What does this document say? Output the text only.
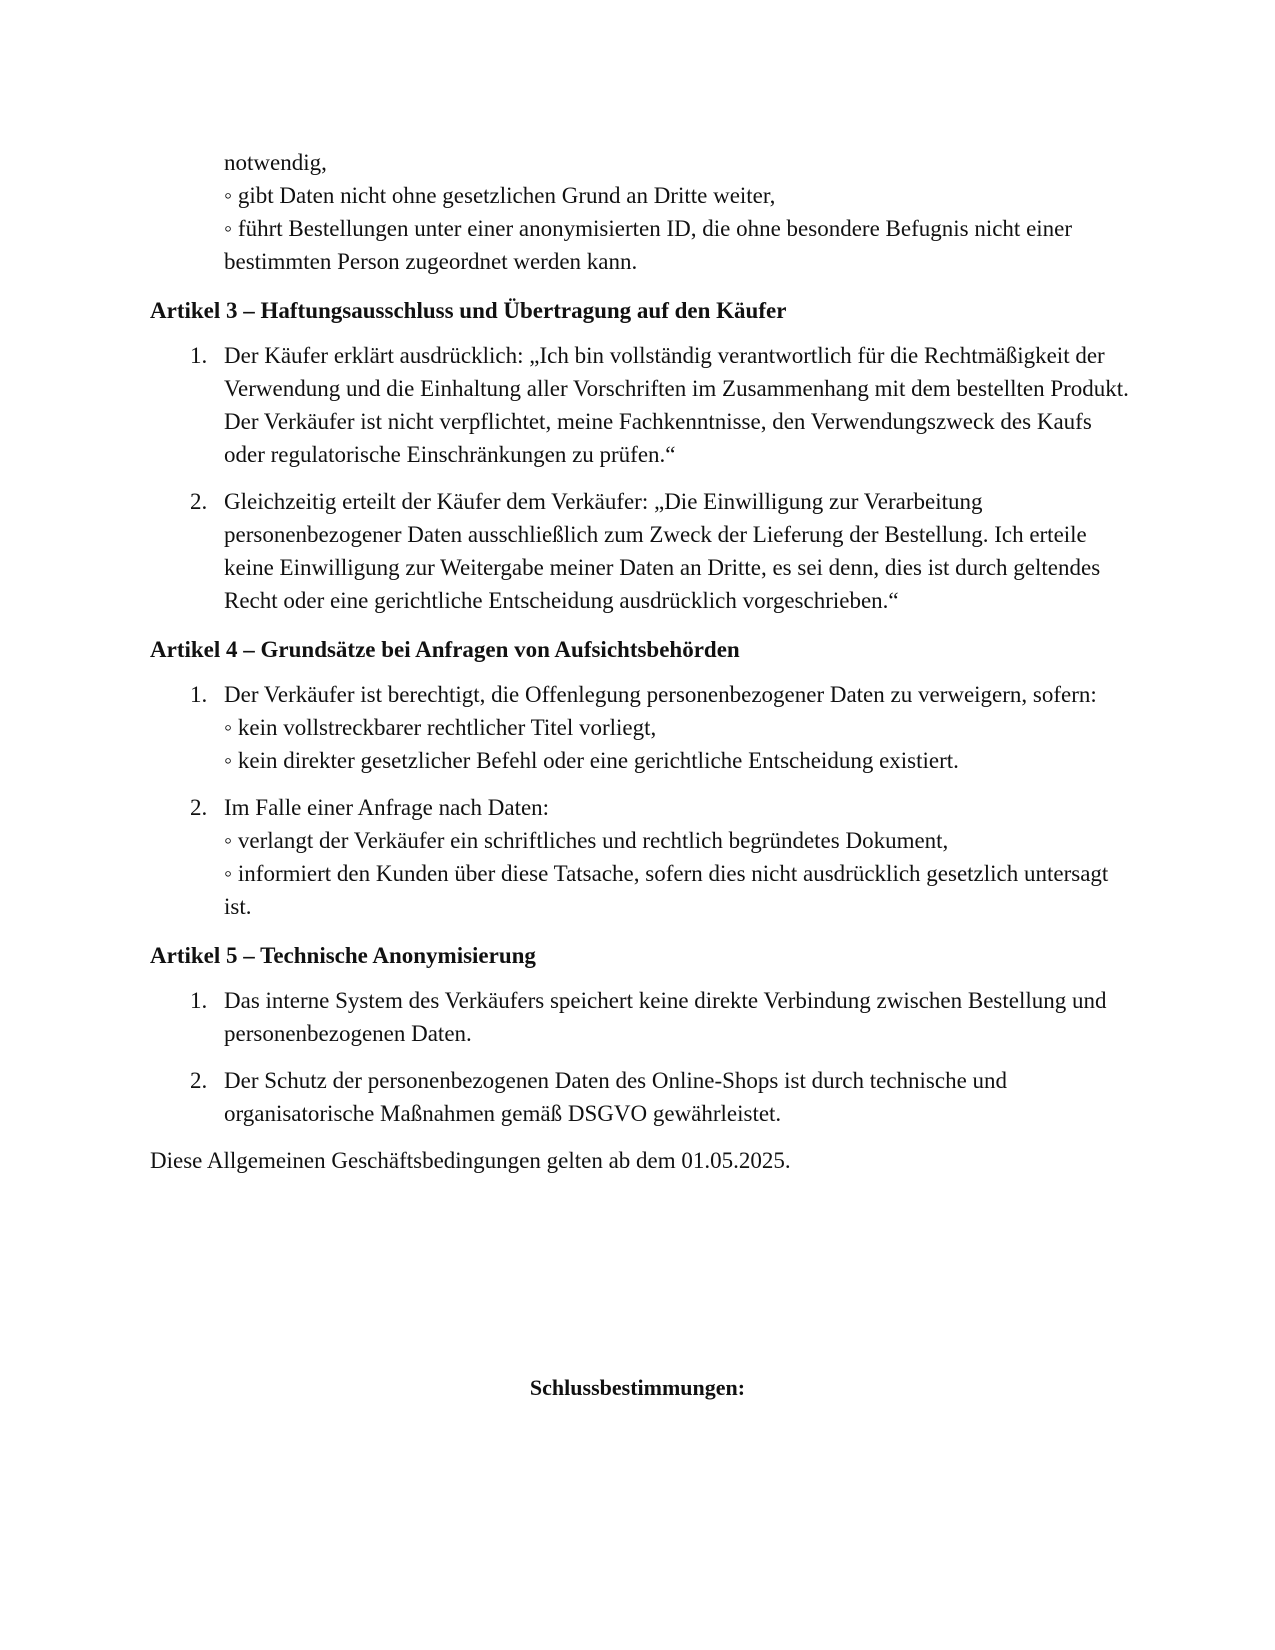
notwendig,
◦ gibt Daten nicht ohne gesetzlichen Grund an Dritte weiter,
◦ führt Bestellungen unter einer anonymisierten ID, die ohne besondere Befugnis nicht einer bestimmten Person zugeordnet werden kann.
Artikel 3 – Haftungsausschluss und Übertragung auf den Käufer
1. Der Käufer erklärt ausdrücklich: „Ich bin vollständig verantwortlich für die Rechtmäßigkeit der Verwendung und die Einhaltung aller Vorschriften im Zusammenhang mit dem bestellten Produkt. Der Verkäufer ist nicht verpflichtet, meine Fachkenntnisse, den Verwendungszweck des Kaufs oder regulatorische Einschränkungen zu prüfen.“
2. Gleichzeitig erteilt der Käufer dem Verkäufer: „Die Einwilligung zur Verarbeitung personenbezogener Daten ausschließlich zum Zweck der Lieferung der Bestellung. Ich erteile keine Einwilligung zur Weitergabe meiner Daten an Dritte, es sei denn, dies ist durch geltendes Recht oder eine gerichtliche Entscheidung ausdrücklich vorgeschrieben.“
Artikel 4 – Grundsätze bei Anfragen von Aufsichtsbehörden
1. Der Verkäufer ist berechtigt, die Offenlegung personenbezogener Daten zu verweigern, sofern:
◦ kein vollstreckbarer rechtlicher Titel vorliegt,
◦ kein direkter gesetzlicher Befehl oder eine gerichtliche Entscheidung existiert.
2. Im Falle einer Anfrage nach Daten:
◦ verlangt der Verkäufer ein schriftliches und rechtlich begründetes Dokument,
◦ informiert den Kunden über diese Tatsache, sofern dies nicht ausdrücklich gesetzlich untersagt ist.
Artikel 5 – Technische Anonymisierung
1. Das interne System des Verkäufers speichert keine direkte Verbindung zwischen Bestellung und personenbezogenen Daten.
2. Der Schutz der personenbezogenen Daten des Online-Shops ist durch technische und organisatorische Maßnahmen gemäß DSGVO gewährleistet.
Diese Allgemeinen Geschäftsbedingungen gelten ab dem 01.05.2025.
Schlussbestimmungen:
